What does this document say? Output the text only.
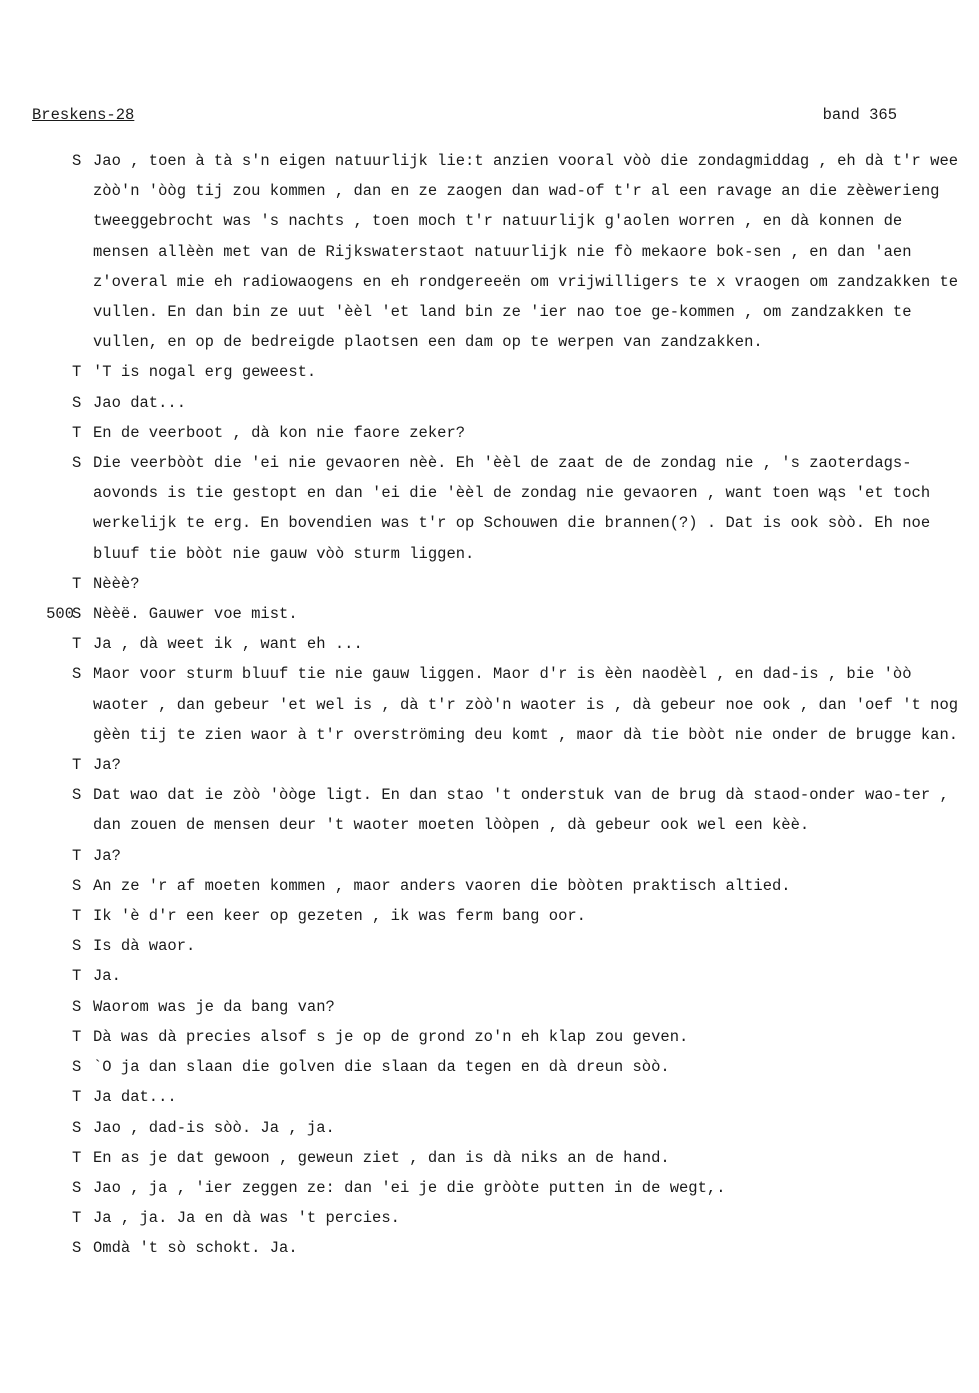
Breskens-28	band 365
S Jao , toen à tà s'n eigen natuurlijk lie:t anzien vooral vòò die zondagmiddag , eh dà t'r wee zòò'n 'òòg tij zou kommen , dan en ze zaogen dan wad-of t'r al een ravage an die zèèwerieng tweeggebrocht was 's nachts , toen moch t'r natuurlijk g'aolen worren , en dà konnen de mensen allèèn met van de Rijkswaterstaot natuurlijk nie fò mekaore bok-sen , en dan 'aen z'overal mie eh radiowaogens en eh rondgereeën om vrijwilligers te x vraogen om zandzakken te vullen. En dan bin ze uut 'èèl 'et land bin ze 'ier nao toe ge-kommen , om zandzakken te vullen, en op de bedreigde plaotsen een dam op te werpen van zandzakken.
T 'T is nogal erg geweest.
S Jao dat...
T En de veerboot , dà kon nie faore zeker?
S Die veerbòòt die 'ei nie gevaoren nèè. Eh 'èèl de zaat de de zondag nie , 's zaoterdags-aovonds is tie gestopt en dan 'ei die 'èèl de zondag nie gevaoren , want toen wąs 'et toch werkelijk te erg. En bovendien was t'r op Schouwen die brannen(?) . Dat is ook sòò. Eh noe bluuf tie bòòt nie gauw vòò sturm liggen.
T Nèèè?
500
S Nèèë. Gauwer voe mist.
T Ja , dà weet ik , want eh ...
S Maor voor sturm bluuf tie nie gauw liggen. Maor d'r is èèn naodèèl , en dad-is , bie 'òò waoter , dan gebeur 'et wel is , dà t'r zòò'n waoter is , dà gebeur noe ook , dan 'oef 't nog gèèn tij te zien waor à t'r overströming deu komt , maor dà tie bòòt nie onder de brugge kan.
T Ja?
S Dat wao dat ie zòò 'òòge ligt. En dan stao 't onderstuk van de brug dà staod-onder wao-ter , dan zouen de mensen deur 't waoter moeten lòòpen , dà gebeur ook wel een kèè.
T Ja?
S An ze 'r af moeten kommen , maor anders vaoren die bòòten praktisch altied.
T Ik 'è d'r een keer op gezeten , ik was ferm bang oor.
S Is dà waor.
T Ja.
S Waorom was je da bang van?
T Dà was dà precies alsof s je op de grond zo'n eh klap zou geven.
S `O ja dan slaan die golven die slaan da tegen en dà dreun sòò.
T Ja dat...
S Jao , dad-is sòò. Ja , ja.
T En as je dat gewoon , geweun ziet , dan is dà niks an de hand.
S Jao , ja , 'ier zeggen ze: dan 'ei je die gròòte putten in de wegt,.
T Ja , ja. Ja en dà was 't percies.
S Omdà 't sò schokt. Ja.
